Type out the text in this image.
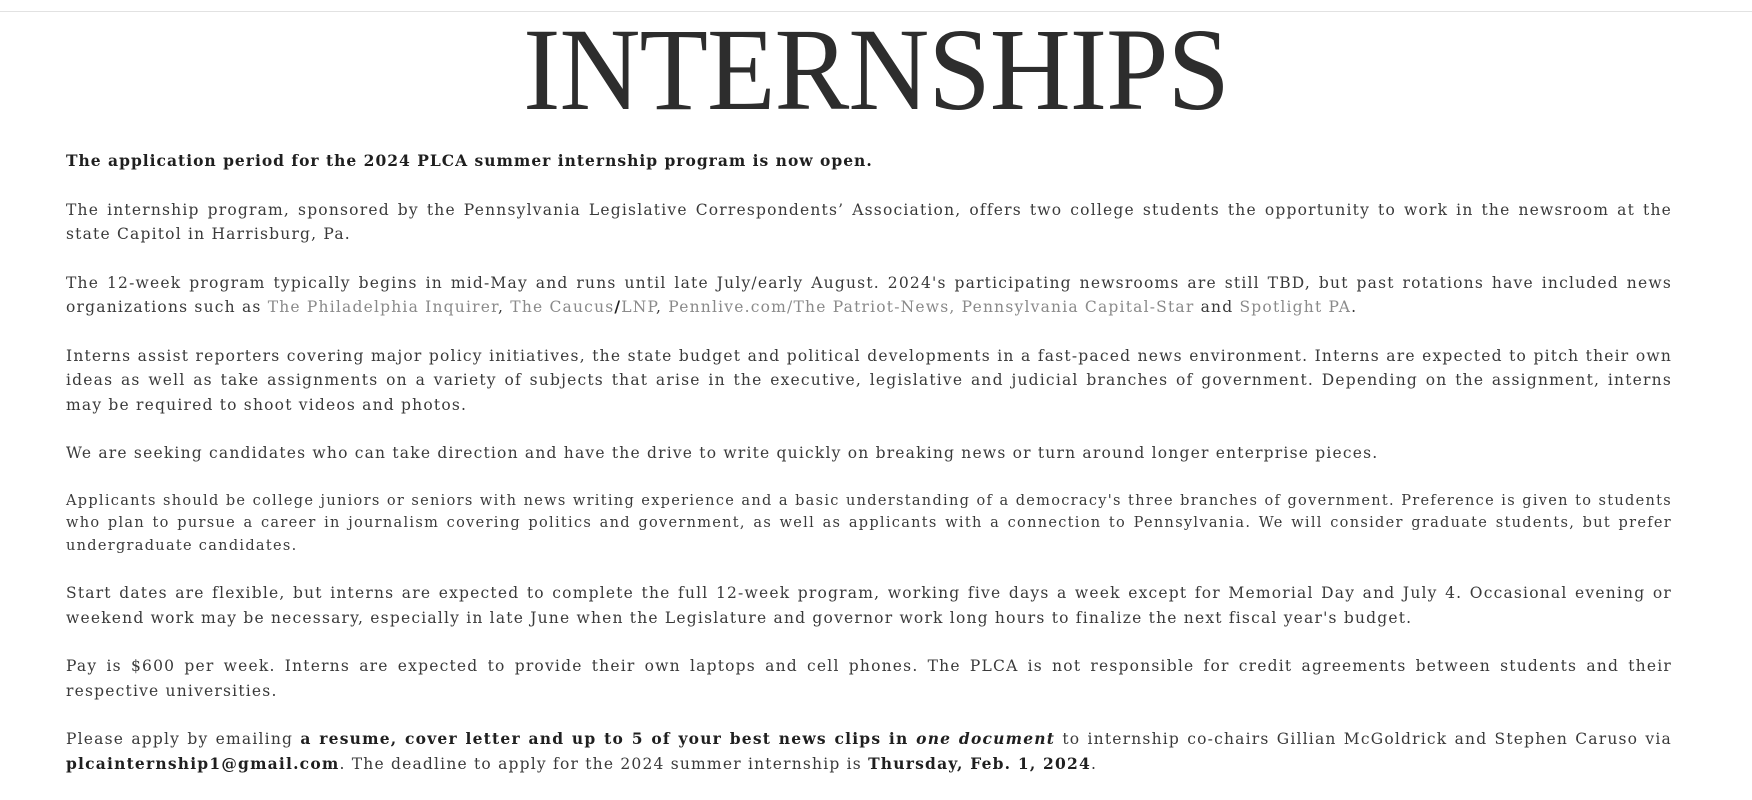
INTERNSHIPS

The application period for the 2024 PLCA summer internship program is now open.

The internship program, sponsored by the Pennsylvania Legislative Correspondents’ Association, offers two college students the opportunity to work in the newsroom at the state Capitol in Harrisburg, Pa.

The 12-week program typically begins in mid-May and runs until late July/early August. 2024's participating newsrooms are still TBD, but past rotations have included news organizations such as The Philadelphia Inquirer, The Caucus/LNP, Pennlive.com/The Patriot-News, Pennsylvania Capital-Star and Spotlight PA.

Interns assist reporters covering major policy initiatives, the state budget and political developments in a fast-paced news environment. Interns are expected to pitch their own ideas as well as take assignments on a variety of subjects that arise in the executive, legislative and judicial branches of government. Depending on the assignment, interns may be required to shoot videos and photos.

We are seeking candidates who can take direction and have the drive to write quickly on breaking news or turn around longer enterprise pieces.

Applicants should be college juniors or seniors with news writing experience and a basic understanding of a democracy's three branches of government. Preference is given to students who plan to pursue a career in journalism covering politics and government, as well as applicants with a connection to Pennsylvania. We will consider graduate students, but prefer undergraduate candidates.

Start dates are flexible, but interns are expected to complete the full 12-week program, working five days a week except for Memorial Day and July 4. Occasional evening or weekend work may be necessary, especially in late June when the Legislature and governor work long hours to finalize the next fiscal year's budget.

Pay is $600 per week. Interns are expected to provide their own laptops and cell phones. The PLCA is not responsible for credit agreements between students and their respective universities.

Please apply by emailing a resume, cover letter and up to 5 of your best news clips in one document to internship co-chairs Gillian McGoldrick and Stephen Caruso via plcainternship1@gmail.com. The deadline to apply for the 2024 summer internship is Thursday, Feb. 1, 2024.
